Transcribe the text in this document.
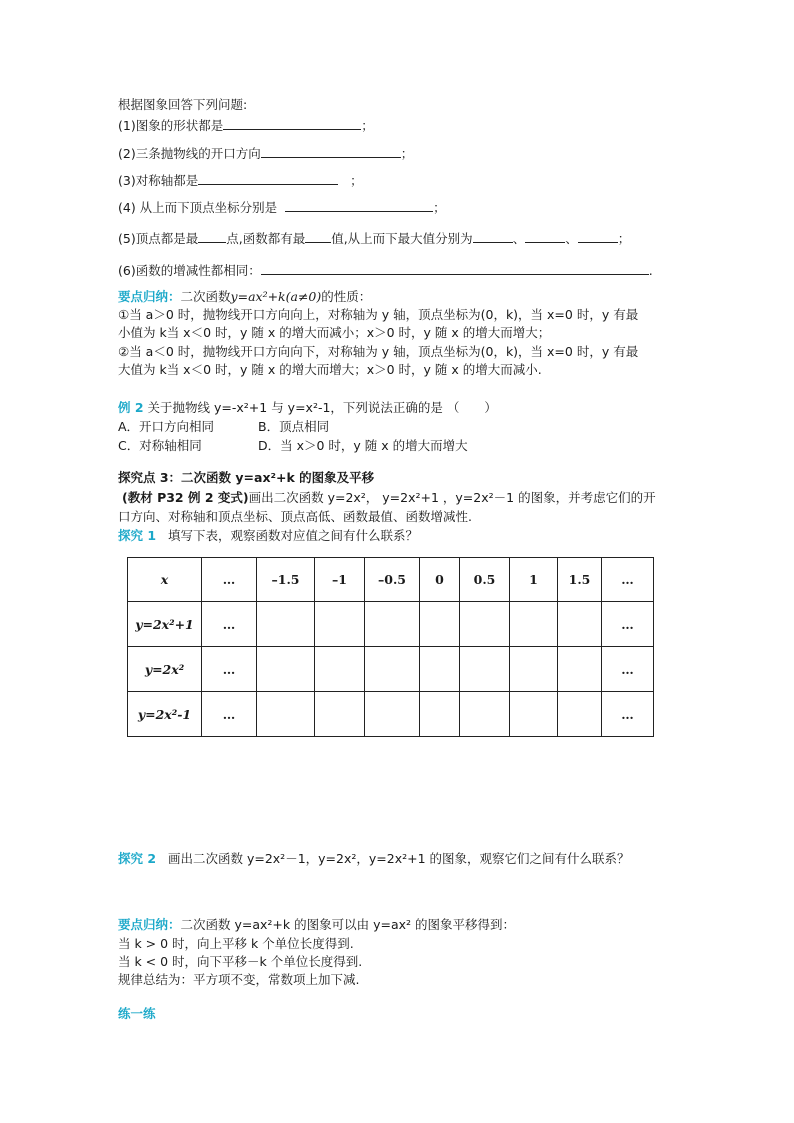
根据图象回答下列问题:
(1)图象的形状都是	；
(2)三条抛物线的开口方向	；
(3)对称轴都是	；
(4) 从上而下顶点坐标分别是	；
(5)顶点都是最 点,函数都有最 值,从上而下最大值分别为	、	、	；
(6)函数的增减性都相同：	.
要点归纳：二次函数y=ax²+k(a≠0)的性质：
①当 a＞0 时，抛物线开口方向向上，对称轴为 y 轴，顶点坐标为(0，k)，当 x=0 时，y 有最
小值为 k当 x＜0 时，y 随 x 的增大而减小；x＞0 时，y 随 x 的增大而增大；
②当 a＜0 时，抛物线开口方向向下，对称轴为 y 轴，顶点坐标为(0，k)，当 x=0 时，y 有最
大值为 k当 x＜0 时，y 随 x 的增大而增大；x＞0 时，y 随 x 的增大而减小.
例 2 关于抛物线 y=-x²+1 与 y=x²-1，下列说法正确的是 （　　）
A．开口方向相同	B．顶点相同
C．对称轴相同	D．当 x＞0 时，y 随 x 的增大而增大
探究点 3：二次函数 y=ax²+k 的图象及平移
(教材 P32 例 2 变式)画出二次函数 y=2x²， y=2x²+1 ，y=2x²－1 的图象，并考虑它们的开
口方向、对称轴和顶点坐标、顶点高低、函数最值、函数增减性.
探究 1 填写下表，观察函数对应值之间有什么联系？
x	…	–1.5	–1	–0.5	0	0.5	1	1.5	…
y=2x²+1	…								…
y=2x²	…								…
y=2x²-1	…								…
探究 2 画出二次函数 y=2x²－1，y=2x²，y=2x²+1 的图象，观察它们之间有什么联系？
要点归纳：二次函数 y=ax²+k 的图象可以由 y=ax² 的图象平移得到：
当 k > 0 时，向上平移 k 个单位长度得到.
当 k < 0 时，向下平移－k 个单位长度得到.
规律总结为：平方项不变，常数项上加下减.
练一练
